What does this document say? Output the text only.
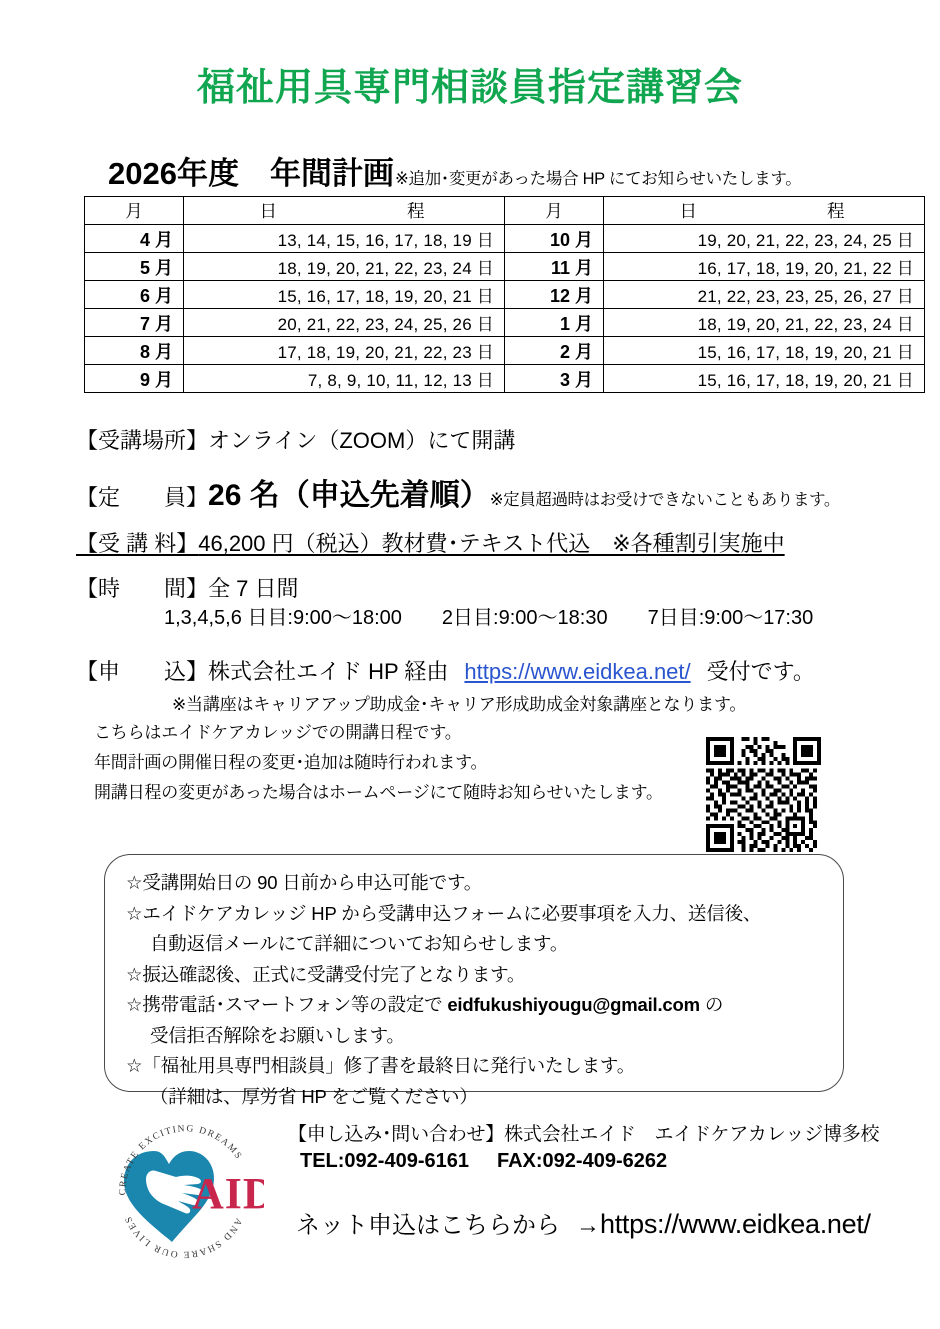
福祉用具専門相談員指定講習会
2026年度　年間計画 ※追加･変更があった場合 HP にてお知らせいたします。
月	日　　　　程	月	日　　　　程
4 月	13, 14, 15, 16, 17, 18, 19 日	10 月	19, 20, 21, 22, 23, 24, 25 日
5 月	18, 19, 20, 21, 22, 23, 24 日	11 月	16, 17, 18, 19, 20, 21, 22 日
6 月	15, 16, 17, 18, 19, 20, 21 日	12 月	21, 22, 23, 23, 25, 26, 27 日
7 月	20, 21, 22, 23, 24, 25, 26 日	1 月	18, 19, 20, 21, 22, 23, 24 日
8 月	17, 18, 19, 20, 21, 22, 23 日	2 月	15, 16, 17, 18, 19, 20, 21 日
9 月	7, 8, 9, 10, 11, 12, 13 日	3 月	15, 16, 17, 18, 19, 20, 21 日
【受講場所】 オンライン（ZOOM）にて開講
【定　　員】 26 名（申込先着順） ※定員超過時はお受けできないこともあります。
【受 講 料】 46,200 円（税込）教材費･テキスト代込　※各種割引実施中
【時　　間】 全 7 日間
1,3,4,5,6 日目:9:00～18:00　　2日目:9:00～18:30　　7日目:9:00～17:30
【申　　込】 株式会社エイド HP 経由 https://www.eidkea.net/ 受付です。
※当講座はキャリアアップ助成金･キャリア形成助成金対象講座となります。
こちらはエイドケアカレッジでの開講日程です。
年間計画の開催日程の変更･追加は随時行われます。
開講日程の変更があった場合はホームページにて随時お知らせいたします。
☆受講開始日の 90 日前から申込可能です。
☆エイドケアカレッジ HP から受講申込フォームに必要事項を入力、送信後、
自動返信メールにて詳細についてお知らせします。
☆振込確認後、正式に受講受付完了となります。
☆携帯電話･スマートフォン等の設定で eidfukushiyougu@gmail.com の
受信拒否解除をお願いします。
☆「福祉用具専門相談員」修了書を最終日に発行いたします。
（詳細は、厚労省 HP をご覧ください）
AID
CREATE EXCITING DREAMS
AND SHARE OUR LIVES
【申し込み･問い合わせ】株式会社エイド　エイドケアカレッジ博多校
TEL:092-409-6161 FAX:092-409-6262
ネット申込はこちらから →https://www.eidkea.net/
